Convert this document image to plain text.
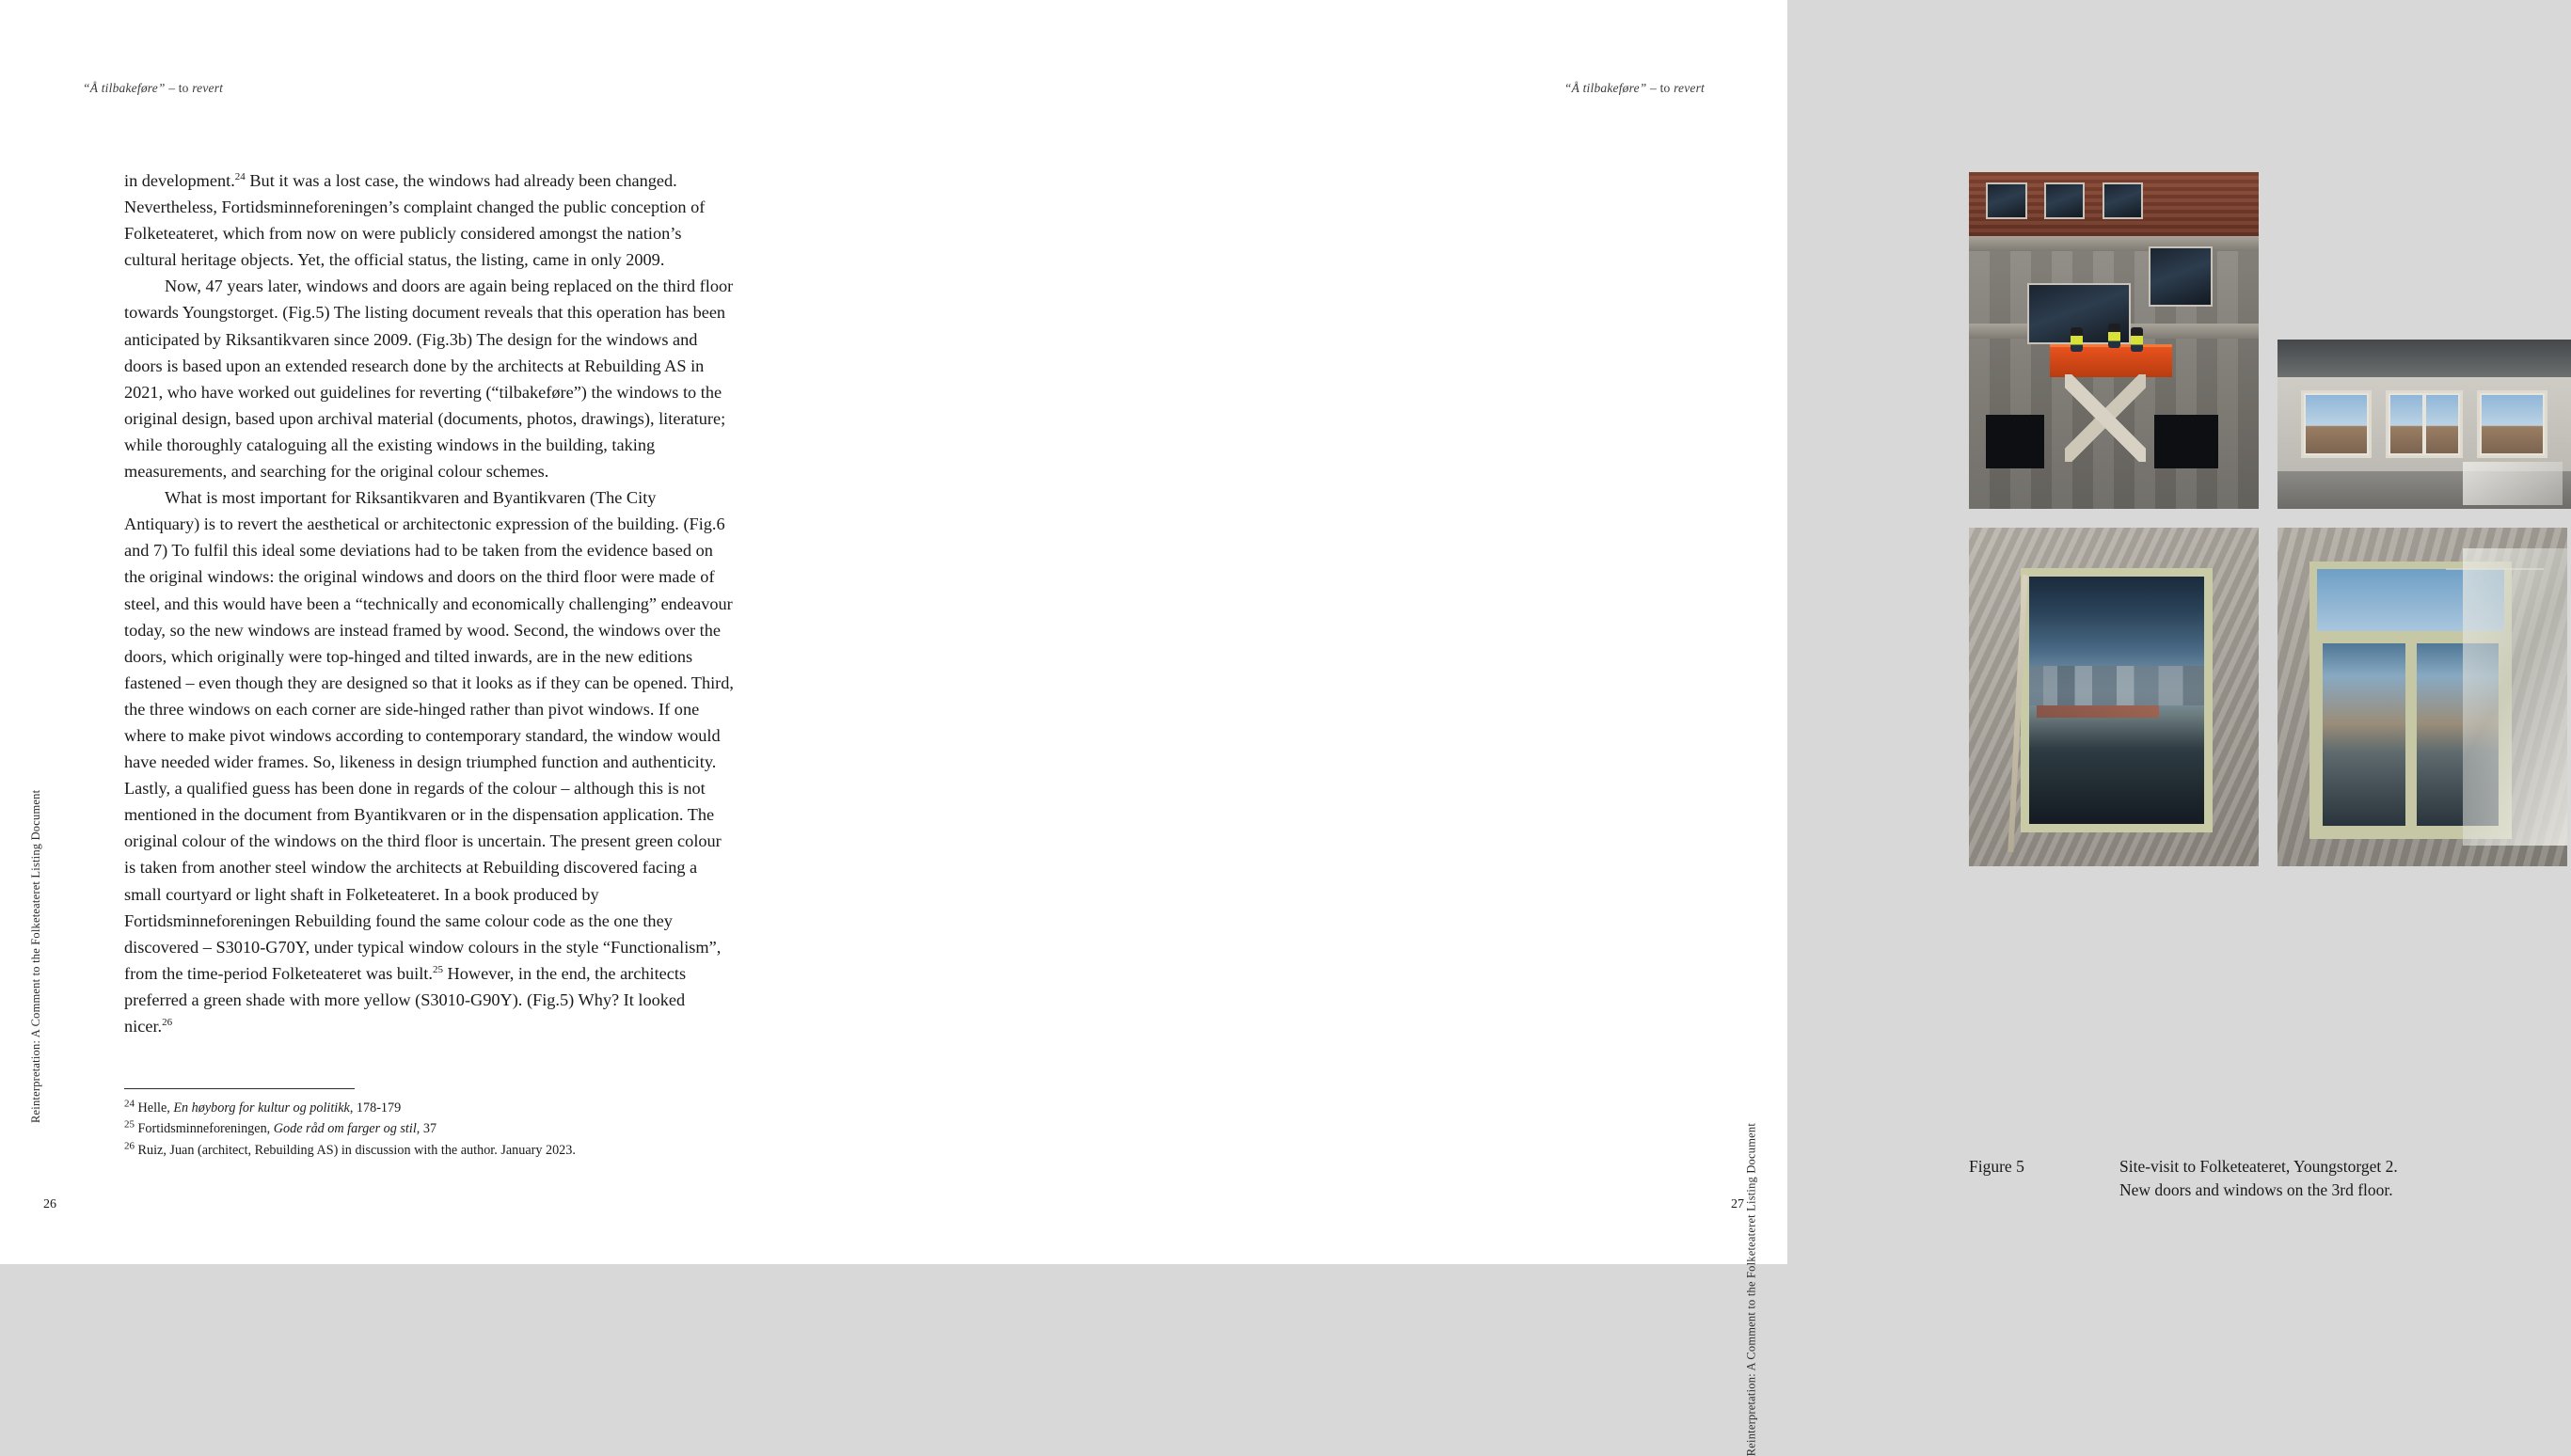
“Å tilbakeføre” – to revert
Reinterpretation: A Comment to the Folketeateret Listing Document

in development.$^{24}$ But it was a lost case, the windows had already been changed. Nevertheless, Fortidsminneforeningen’s complaint changed the public conception of Folketeateret, which from now on were publicly considered amongst the nation’s cultural heritage objects. Yet, the official status, the listing, came in only 2009.

Now, 47 years later, windows and doors are again being replaced on the third floor towards Youngstorget. (Fig.5) The listing document reveals that this operation has been anticipated by Riksantikvaren since 2009. (Fig.3b) The design for the windows and doors is based upon an extended research done by the architects at Rebuilding AS in 2021, who have worked out guidelines for reverting (“tilbakeføre”) the windows to the original design, based upon archival material (documents, photos, drawings), literature; while thoroughly cataloguing all the existing windows in the building, taking measurements, and searching for the original colour schemes.

What is most important for Riksantikvaren and Byantikvaren (The City Antiquary) is to revert the aesthetical or architectonic expression of the building. (Fig.6 and 7) To fulfil this ideal some deviations had to be taken from the evidence based on the original windows: the original windows and doors on the third floor were made of steel, and this would have been a “technically and economically challenging” endeavour today, so the new windows are instead framed by wood. Second, the windows over the doors, which originally were top-hinged and tilted inwards, are in the new editions fastened – even though they are designed so that it looks as if they can be opened. Third, the three windows on each corner are side-hinged rather than pivot windows. If one where to make pivot windows according to contemporary standard, the window would have needed wider frames. So, likeness in design triumphed function and authenticity. Lastly, a qualified guess has been done in regards of the colour – although this is not mentioned in the document from Byantikvaren or in the dispensation application. The original colour of the windows on the third floor is uncertain. The present green colour is taken from another steel window the architects at Rebuilding discovered facing a small courtyard or light shaft in Folketeateret. In a book produced by Fortidsminneforeningen Rebuilding found the same colour code as the one they discovered – S3010-G70Y, under typical window colours in the style “Functionalism”, from the time-period Folketeateret was built.$^{25}$ However, in the end, the architects preferred a green shade with more yellow (S3010-G90Y). (Fig.5) Why? It looked nicer.$^{26}$

$^{24}$ Helle, En høyborg for kultur og politikk, 178-179

$^{25}$ Fortidsminneforeningen, Gode råd om farger og stil, 37

$^{26}$ Ruiz, Juan (architect, Rebuilding AS) in discussion with the author. January 2023.

26
“Å tilbakeføre” – to revert
Reinterpretation: A Comment to the Folketeateret Listing Document	Figure 5	Site-visit to Folketeateret, Youngstorget 2.
New doors and windows on the 3rd floor.
27
